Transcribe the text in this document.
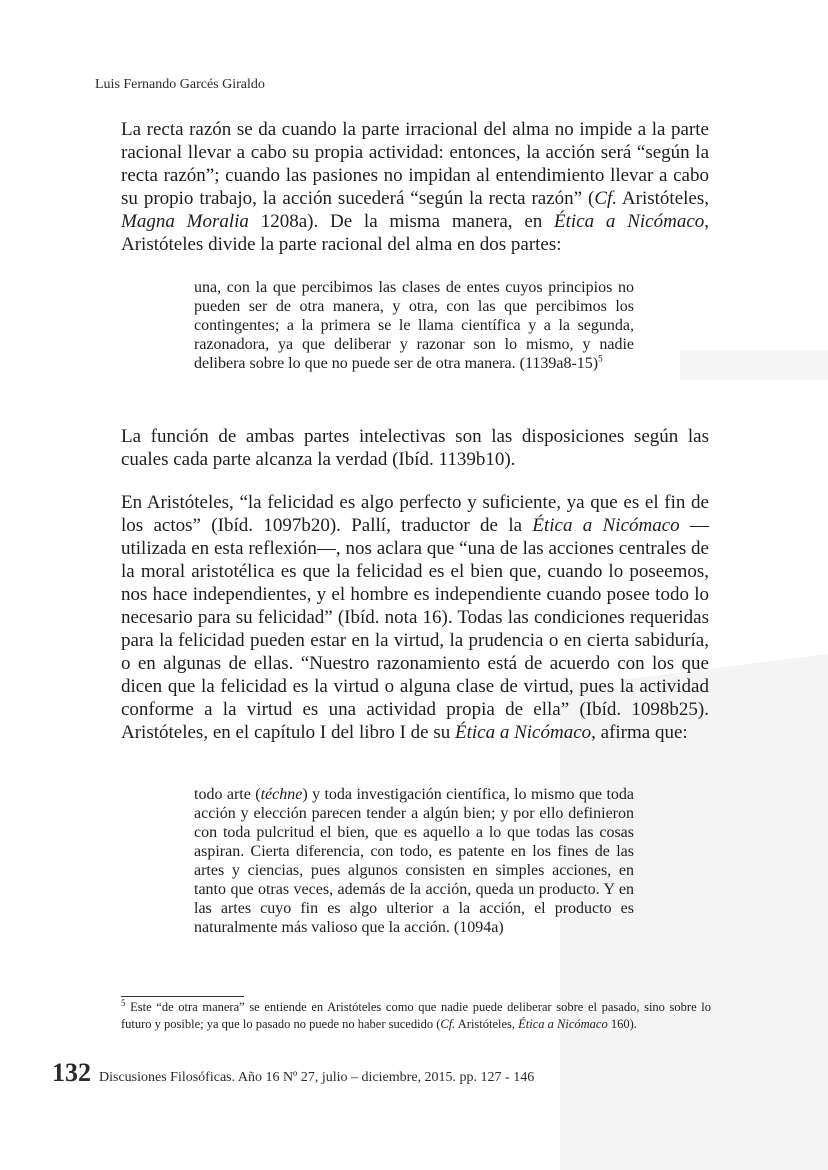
Luis Fernando Garcés Giraldo

La recta razón se da cuando la parte irracional del alma no impide a la parte racional llevar a cabo su propia actividad: entonces, la acción será “según la recta razón”; cuando las pasiones no impidan al entendimiento llevar a cabo su propio trabajo, la acción sucederá “según la recta razón” (Cf. Aristóteles, Magna Moralia 1208a). De la misma manera, en Ética a Nicómaco, Aristóteles divide la parte racional del alma en dos partes:

una, con la que percibimos las clases de entes cuyos principios no pueden ser de otra manera, y otra, con las que percibimos los contingentes; a la primera se le llama científica y a la segunda, razonadora, ya que deliberar y razonar son lo mismo, y nadie delibera sobre lo que no puede ser de otra manera. $(1139a8-15)^5$

La función de ambas partes intelectivas son las disposiciones según las cuales cada parte alcanza la verdad (Ibíd. 1139b10).

En Aristóteles, “la felicidad es algo perfecto y suficiente, ya que es el fin de los actos” (Ibíd. 1097b20). Pallí, traductor de la Ética a Nicómaco —utilizada en esta reflexión—, nos aclara que “una de las acciones centrales de la moral aristotélica es que la felicidad es el bien que, cuando lo poseemos, nos hace independientes, y el hombre es independiente cuando posee todo lo necesario para su felicidad” (Ibíd. nota 16). Todas las condiciones requeridas para la felicidad pueden estar en la virtud, la prudencia o en cierta sabiduría, o en algunas de ellas. “Nuestro razonamiento está de acuerdo con los que dicen que la felicidad es la virtud o alguna clase de virtud, pues la actividad conforme a la virtud es una actividad propia de ella” (Ibíd. 1098b25). Aristóteles, en el capítulo I del libro I de su Ética a Nicómaco, afirma que:

todo arte (téchne) y toda investigación científica, lo mismo que toda acción y elección parecen tender a algún bien; y por ello definieron con toda pulcritud el bien, que es aquello a lo que todas las cosas aspiran. Cierta diferencia, con todo, es patente en los fines de las artes y ciencias, pues algunos consisten en simples acciones, en tanto que otras veces, además de la acción, queda un producto. Y en las artes cuyo fin es algo ulterior a la acción, el producto es naturalmente más valioso que la acción. (1094a)

$^5$ Este “de otra manera” se entiende en Aristóteles como que nadie puede deliberar sobre el pasado, sino sobre lo futuro y posible; ya que lo pasado no puede no haber sucedido (Cf. Aristóteles, Ética a Nicómaco 160).

132 Discusiones Filosóficas. Año 16 Nº 27, julio – diciembre, 2015. pp. 127 - 146
